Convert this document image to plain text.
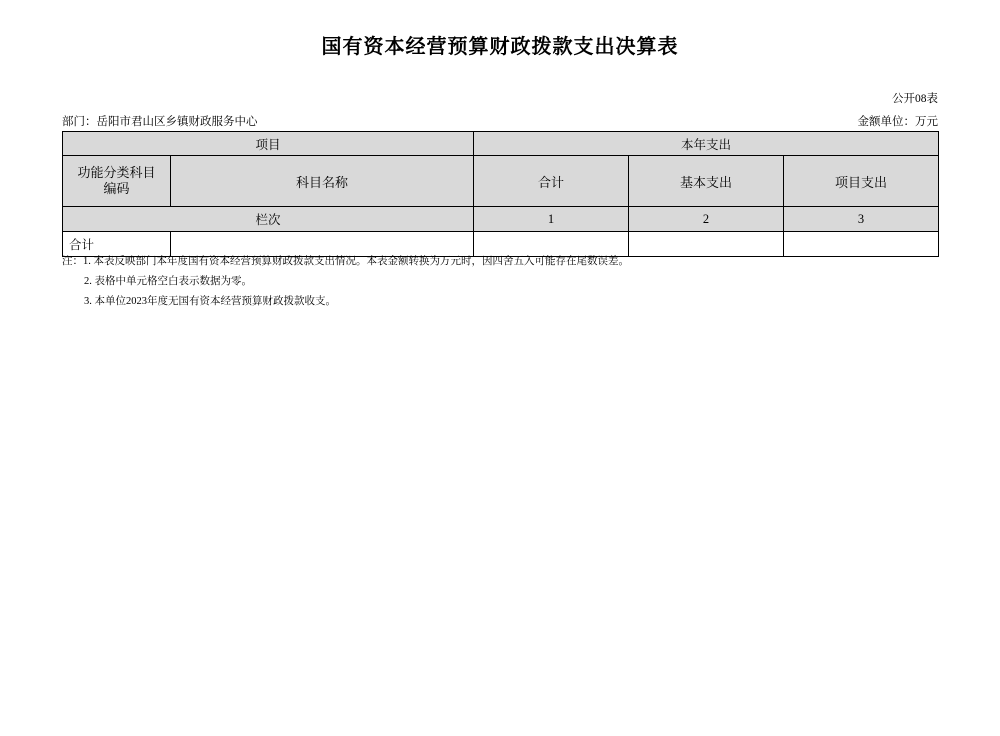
国有资本经营预算财政拨款支出决算表
公开08表
部门：岳阳市君山区乡镇财政服务中心	金额单位：万元
项目		本年支出		

功能分类科目
编码	科目名称	合计	基本支出	项目支出
栏次		1	2	3
合计				
注：1. 本表反映部门本年度国有资本经营预算财政拨款支出情况。本表金额转换为万元时，因四舍五入可能存在尾数误差。
2. 表格中单元格空白表示数据为零。
3. 本单位2023年度无国有资本经营预算财政拨款收支。
